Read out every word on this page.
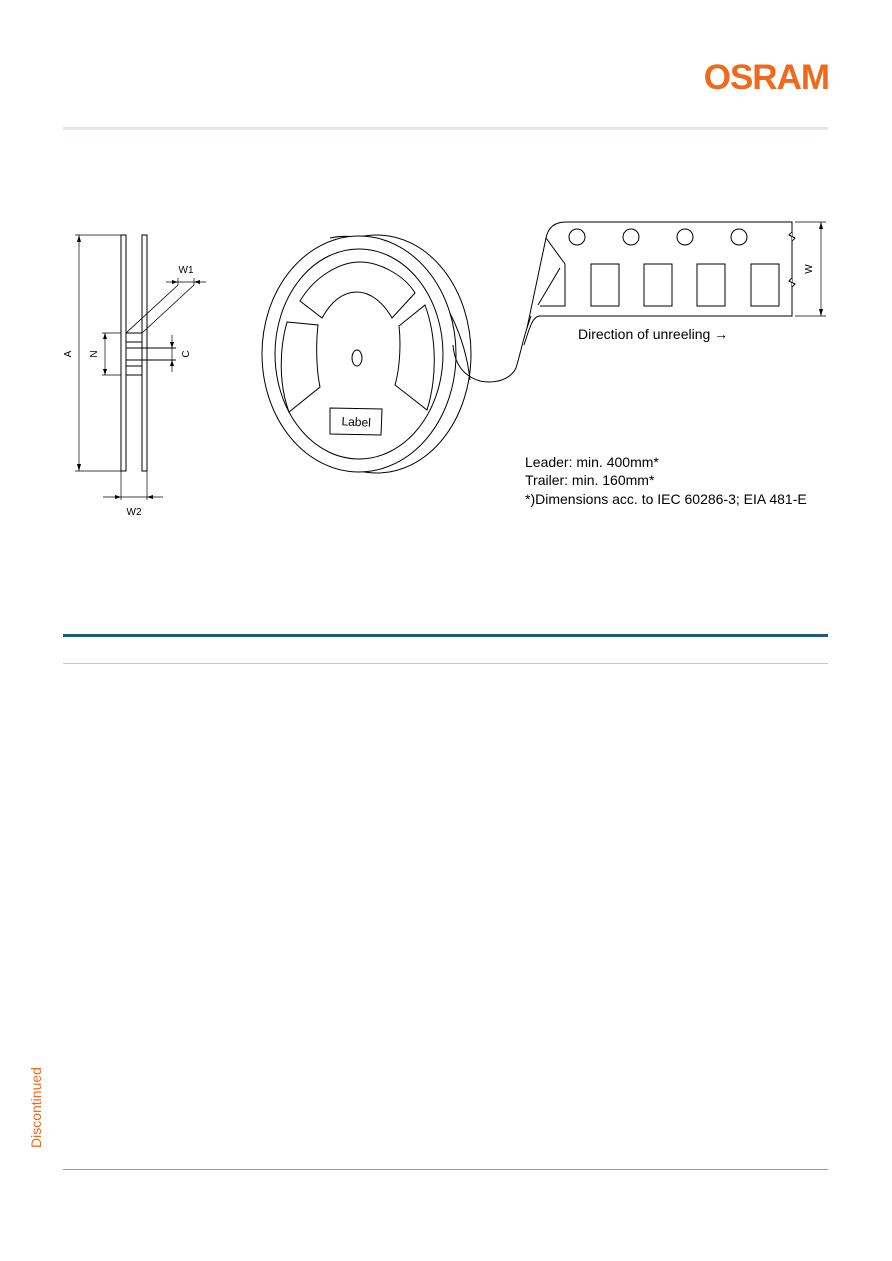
OSRAM
A N	C
W1
W2
Label
W
Direction of unreeling →
Leader: min. 400mm*
Trailer: min. 160mm*
*)Dimensions acc. to IEC 60286-3; EIA 481-E
Discontinued
